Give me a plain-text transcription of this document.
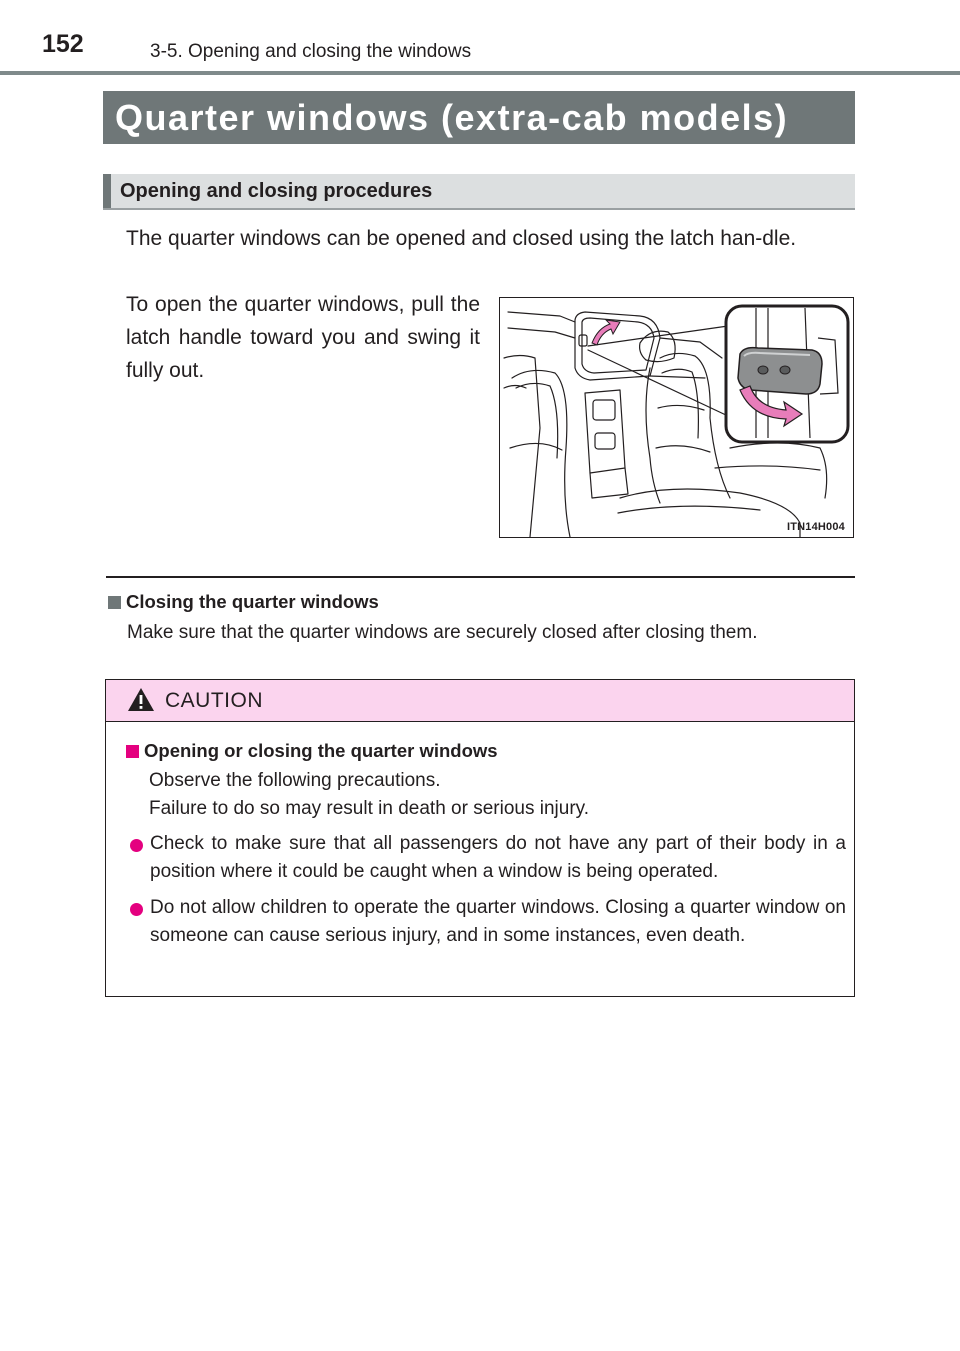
152	3-5. Opening and closing the windows
Quarter windows (extra-cab models)
Opening and closing procedures
The quarter windows can be opened and closed using the latch han-dle.
To open the quarter windows, pull the latch handle toward you and swing it fully out.
ITN14H004
Closing the quarter windows
Make sure that the quarter windows are securely closed after closing them.
CAUTION
Opening or closing the quarter windows
Observe the following precautions.
Failure to do so may result in death or serious injury.
Check to make sure that all passengers do not have any part of their body in a position where it could be caught when a window is being operated.
Do not allow children to operate the quarter windows. Closing a quarter window on someone can cause serious injury, and in some instances, even death.
